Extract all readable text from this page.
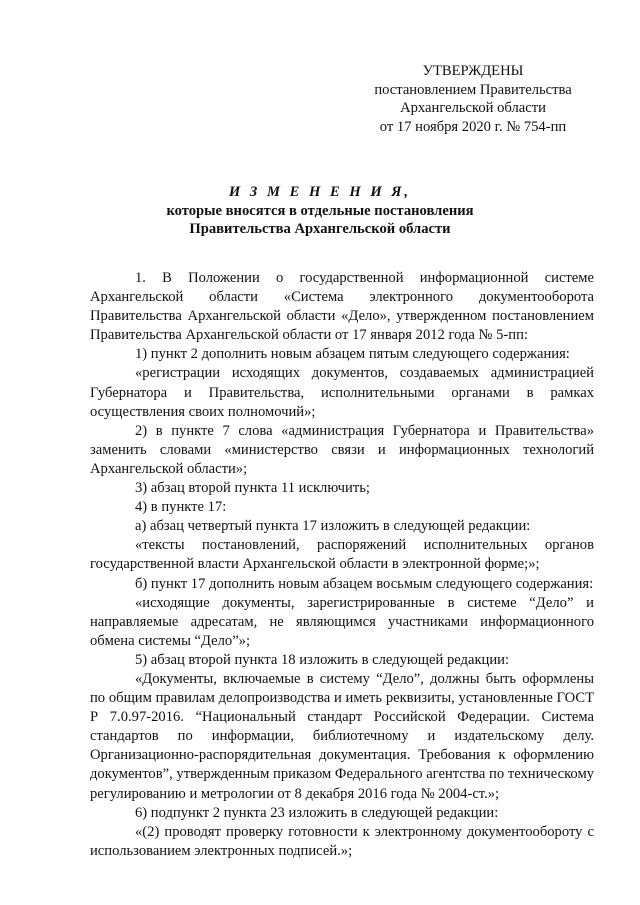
УТВЕРЖДЕНЫ
постановлением Правительства
Архангельской области
от 17 ноября 2020 г. № 754-пп
И З М Е Н Е Н И Я,
которые вносятся в отдельные постановления
Правительства Архангельской области

1. В Положении о государственной информационной системе Архангельской области «Система электронного документооборота Правительства Архангельской области «Дело», утвержденном постановлением Правительства Архангельской области от 17 января 2012 года № 5-пп:

1) пункт 2 дополнить новым абзацем пятым следующего содержания:

«регистрации исходящих документов, создаваемых администрацией Губернатора и Правительства, исполнительными органами в рамках осуществления своих полномочий»;

2) в пункте 7 слова «администрация Губернатора и Правительства» заменить словами «министерство связи и информационных технологий Архангельской области»;

3) абзац второй пункта 11 исключить;

4) в пункте 17:

а) абзац четвертый пункта 17 изложить в следующей редакции:

«тексты постановлений, распоряжений исполнительных органов государственной власти Архангельской области в электронной форме;»;

б) пункт 17 дополнить новым абзацем восьмым следующего содержания:

«исходящие документы, зарегистрированные в системе “Дело” и направляемые адресатам, не являющимся участниками информационного обмена системы “Дело”»;

5) абзац второй пункта 18 изложить в следующей редакции:

«Документы, включаемые в систему “Дело”, должны быть оформлены по общим правилам делопроизводства и иметь реквизиты, установленные ГОСТ Р 7.0.97-2016. “Национальный стандарт Российской Федерации. Система стандартов по информации, библиотечному и издательскому делу. Организационно-распорядительная документация. Требования к оформлению документов”, утвержденным приказом Федерального агентства по техническому регулированию и метрологии от 8 декабря 2016 года № 2004-ст.»;

6) подпункт 2 пункта 23 изложить в следующей редакции:

«(2) проводят проверку готовности к электронному документообороту с использованием электронных подписей.»;
